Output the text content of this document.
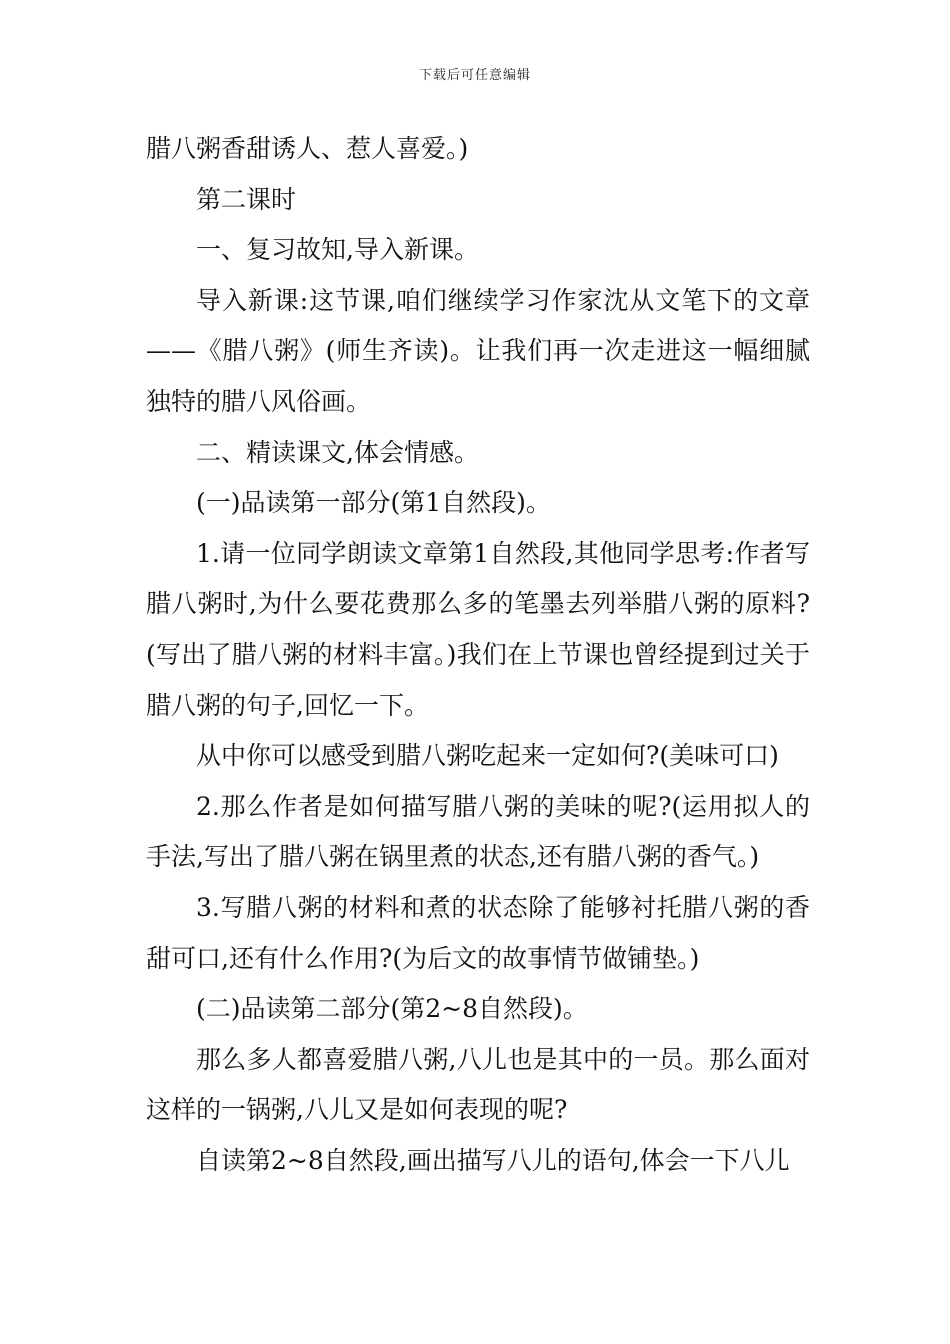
下载后可任意编辑

腊八粥香甜诱人、惹人喜爱。)

第二课时

一、复习故知,导入新课。

导入新课:这节课,咱们继续学习作家沈从文笔下的文章——《腊八粥》(师生齐读)。让我们再一次走进这一幅细腻独特的腊八风俗画。

二、精读课文,体会情感。

(一)品读第一部分(第1自然段)。

1.请一位同学朗读文章第1自然段,其他同学思考:作者写腊八粥时,为什么要花费那么多的笔墨去列举腊八粥的原料?(写出了腊八粥的材料丰富。)我们在上节课也曾经提到过关于腊八粥的句子,回忆一下。

从中你可以感受到腊八粥吃起来一定如何?(美味可口)

2.那么作者是如何描写腊八粥的美味的呢?(运用拟人的手法,写出了腊八粥在锅里煮的状态,还有腊八粥的香气。)

3.写腊八粥的材料和煮的状态除了能够衬托腊八粥的香甜可口,还有什么作用?(为后文的故事情节做铺垫。)

(二)品读第二部分(第2~8自然段)。

那么多人都喜爱腊八粥,八儿也是其中的一员。那么面对这样的一锅粥,八儿又是如何表现的呢?

自读第2~8自然段,画出描写八儿的语句,体会一下八儿
